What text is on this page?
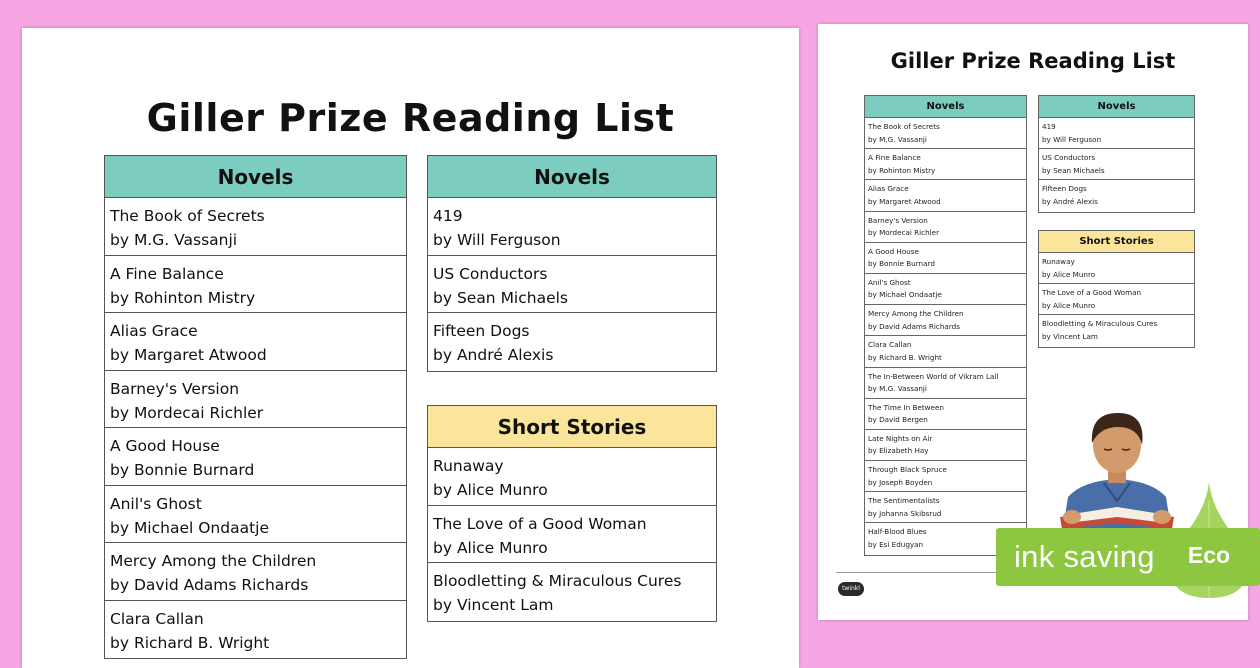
Giller Prize Reading List
Novels
The Book of Secrets
by M.G. Vassanji
A Fine Balance
by Rohinton Mistry
Alias Grace
by Margaret Atwood
Barney's Version
by Mordecai Richler
A Good House
by Bonnie Burnard
Anil's Ghost
by Michael Ondaatje
Mercy Among the Children
by David Adams Richards
Clara Callan
by Richard B. Wright
Novels
419
by Will Ferguson
US Conductors
by Sean Michaels
Fifteen Dogs
by André Alexis
Short Stories
Runaway
by Alice Munro
The Love of a Good Woman
by Alice Munro
Bloodletting & Miraculous Cures
by Vincent Lam
Giller Prize Reading List
Novels
The Book of Secrets
by M.G. Vassanji
A Fine Balance
by Rohinton Mistry
Alias Grace
by Margaret Atwood
Barney's Version
by Mordecai Richler
A Good House
by Bonnie Burnard
Anil's Ghost
by Michael Ondaatje
Mercy Among the Children
by David Adams Richards
Clara Callan
by Richard B. Wright
The In-Between World of Vikram Lall
by M.G. Vassanji
The Time In Between
by David Bergen
Late Nights on Air
by Elizabeth Hay
Through Black Spruce
by Joseph Boyden
The Sentimentalists
by Johanna Skibsrud
Half-Blood Blues
by Esi Edugyan
Novels
419
by Will Ferguson
US Conductors
by Sean Michaels
Fifteen Dogs
by André Alexis
Short Stories
Runaway
by Alice Munro
The Love of a Good Woman
by Alice Munro
Bloodletting & Miraculous Cures
by Vincent Lam
twinkl
ink saving	Eco
